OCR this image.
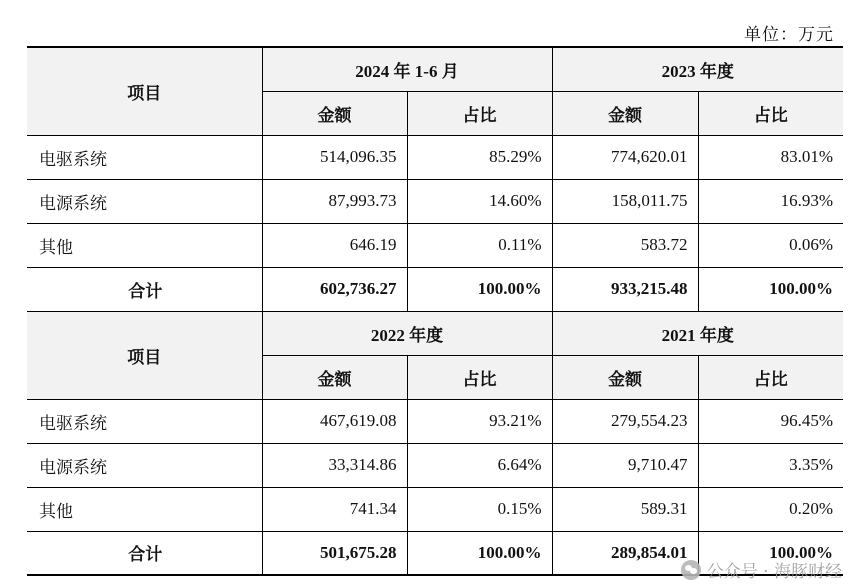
单位：万元
项目	2024 年 1-6 月		2023 年度	
	金额	占比	金额	占比
电驱系统	514,096.35	85.29%	774,620.01	83.01%
电源系统	87,993.73	14.60%	158,011.75	16.93%
其他	646.19	0.11%	583.72	0.06%
合计	602,736.27	100.00%	933,215.48	100.00%
项目	2022 年度		2021 年度	
	金额	占比	金额	占比
电驱系统	467,619.08	93.21%	279,554.23	96.45%
电源系统	33,314.86	6.64%	9,710.47	3.35%
其他	741.34	0.15%	589.31	0.20%
合计	501,675.28	100.00%	289,854.01	100.00%
公众号 · 海豚财经
